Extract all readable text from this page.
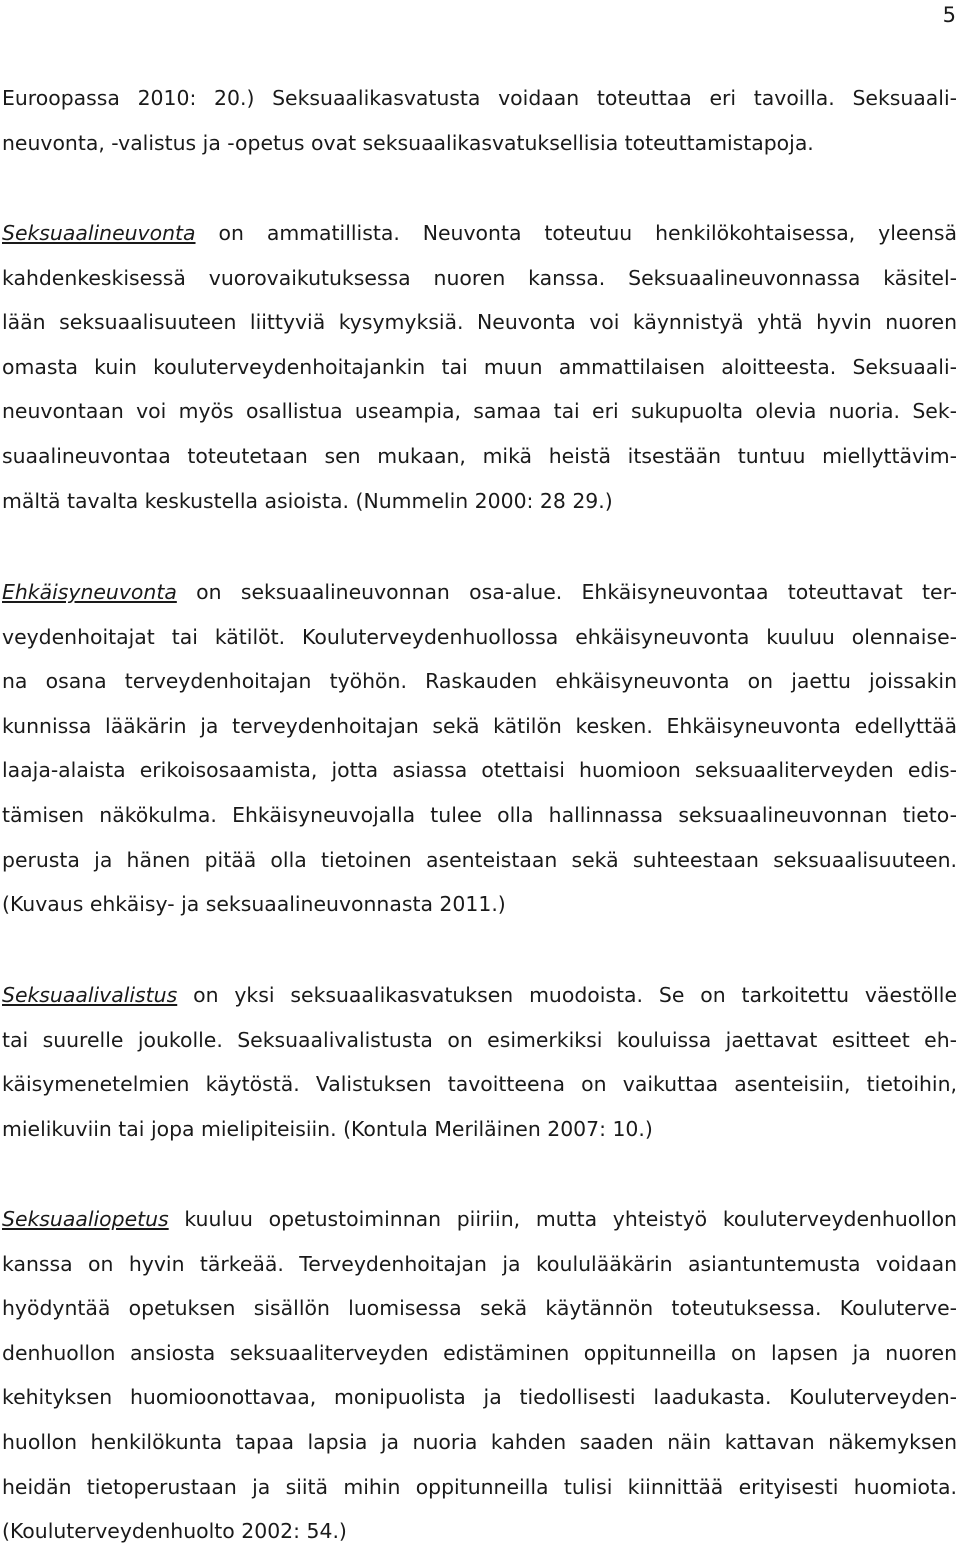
5
Euroopassa 2010: 20.) Seksuaalikasvatusta voidaan toteuttaa eri tavoilla. Seksuaali-
neuvonta, -valistus ja -opetus ovat seksuaalikasvatuksellisia toteuttamistapoja.
Seksuaalineuvonta on ammatillista. Neuvonta toteutuu henkilökohtaisessa, yleensä
kahdenkeskisessä vuorovaikutuksessa nuoren kanssa. Seksuaalineuvonnassa käsitel-
lään seksuaalisuuteen liittyviä kysymyksiä. Neuvonta voi käynnistyä yhtä hyvin nuoren
omasta kuin kouluterveydenhoitajankin tai muun ammattilaisen aloitteesta. Seksuaali-
neuvontaan voi myös osallistua useampia, samaa tai eri sukupuolta olevia nuoria. Sek-
suaalineuvontaa toteutetaan sen mukaan, mikä heistä itsestään tuntuu miellyttävim-
mältä tavalta keskustella asioista. (Nummelin 2000: 28 29.)
Ehkäisyneuvonta on seksuaalineuvonnan osa-alue. Ehkäisyneuvontaa toteuttavat ter-
veydenhoitajat tai kätilöt. Kouluterveydenhuollossa ehkäisyneuvonta kuuluu olennaise-
na osana terveydenhoitajan työhön. Raskauden ehkäisyneuvonta on jaettu joissakin
kunnissa lääkärin ja terveydenhoitajan sekä kätilön kesken. Ehkäisyneuvonta edellyttää
laaja-alaista erikoisosaamista, jotta asiassa otettaisi huomioon seksuaaliterveyden edis-
tämisen näkökulma. Ehkäisyneuvojalla tulee olla hallinnassa seksuaalineuvonnan tieto-
perusta ja hänen pitää olla tietoinen asenteistaan sekä suhteestaan seksuaalisuuteen.
(Kuvaus ehkäisy- ja seksuaalineuvonnasta 2011.)
Seksuaalivalistus on yksi seksuaalikasvatuksen muodoista. Se on tarkoitettu väestölle
tai suurelle joukolle. Seksuaalivalistusta on esimerkiksi kouluissa jaettavat esitteet eh-
käisymenetelmien käytöstä. Valistuksen tavoitteena on vaikuttaa asenteisiin, tietoihin,
mielikuviin tai jopa mielipiteisiin. (Kontula Meriläinen 2007: 10.)
Seksuaaliopetus kuuluu opetustoiminnan piiriin, mutta yhteistyö kouluterveydenhuollon
kanssa on hyvin tärkeää. Terveydenhoitajan ja koululääkärin asiantuntemusta voidaan
hyödyntää opetuksen sisällön luomisessa sekä käytännön toteutuksessa. Kouluterve-
denhuollon ansiosta seksuaaliterveyden edistäminen oppitunneilla on lapsen ja nuoren
kehityksen huomioonottavaa, monipuolista ja tiedollisesti laadukasta. Kouluterveyden-
huollon henkilökunta tapaa lapsia ja nuoria kahden saaden näin kattavan näkemyksen
heidän tietoperustaan ja siitä mihin oppitunneilla tulisi kiinnittää erityisesti huomiota.
(Kouluterveydenhuolto 2002: 54.)
